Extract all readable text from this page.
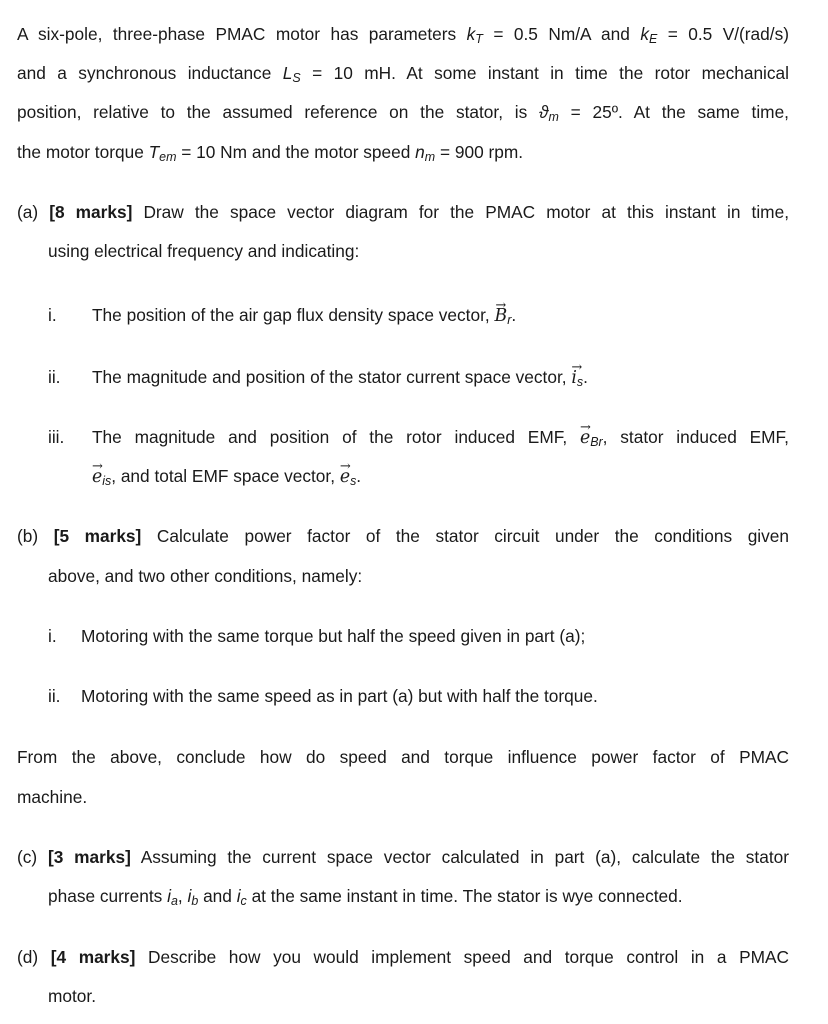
A six-pole, three-phase PMAC motor has parameters $k_T = 0.5$ Nm/A and $k_E = 0.5$ V/(rad/s)
and a synchronous inductance $L_S = 10$ mH. At some instant in time the rotor mechanical
position, relative to the assumed reference on the stator, is $ϑ_m$ = 25º. At the same time,
the motor torque $T_{em} = 10$ Nm and the motor speed $n_m = 900$ rpm.
(a) [8 marks] Draw the space vector diagram for the PMAC motor at this instant in time,
using electrical frequency and indicating:
i. The position of the air gap flux density space vector, → $B_r$.
ii. The magnitude and position of the stator current space vector, → $i_s$.
iii. The magnitude and position of the rotor induced EMF, → $e_{Br}$, stator induced EMF,
→ $e_{is}$, and total EMF space vector, → $e_s$.
(b) [5 marks] Calculate power factor of the stator circuit under the conditions given
above, and two other conditions, namely:
i. Motoring with the same torque but half the speed given in part (a);
ii. Motoring with the same speed as in part (a) but with half the torque.
From the above, conclude how do speed and torque influence power factor of PMAC
machine.
(c) [3 marks] Assuming the current space vector calculated in part (a), calculate the stator
phase currents $i_a$, $i_b$ and $i_c$ at the same instant in time. The stator is wye connected.
(d) [4 marks] Describe how you would implement speed and torque control in a PMAC
motor.
